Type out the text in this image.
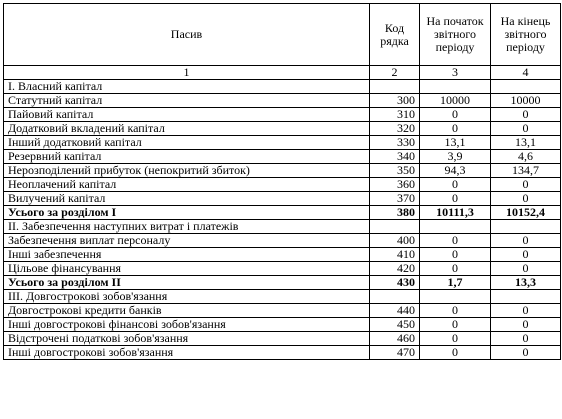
Пасив	Код рядка	На початок звітного періоду	На кінець звітного періоду
1	2	3	4
I. Власний капітал			
Статутний капітал	300	10000	10000
Пайовий капітал	310	0	0
Додатковий вкладений капітал	320	0	0
Інший додатковий капітал	330	13,1	13,1
Резервний капітал	340	3,9	4,6
Нерозподілений прибуток (непокритий збиток)	350	94,3	134,7
Неоплачений капітал	360	0	0
Вилучений капітал	370	0	0
Усього за розділом I	380	10111,3	10152,4
II. Забезпечення наступних витрат і платежів			
Забезпечення виплат персоналу	400	0	0
Інші забезпечення	410	0	0
Цільове фінансування	420	0	0
Усього за розділом II	430	1,7	13,3
III. Довгострокові зобов'язання			
Довгострокові кредити банків	440	0	0
Інші довгострокові фінансові зобов'язання	450	0	0
Відстрочені податкові зобов'язання	460	0	0
Інші довгострокові зобов'язання	470	0	0
